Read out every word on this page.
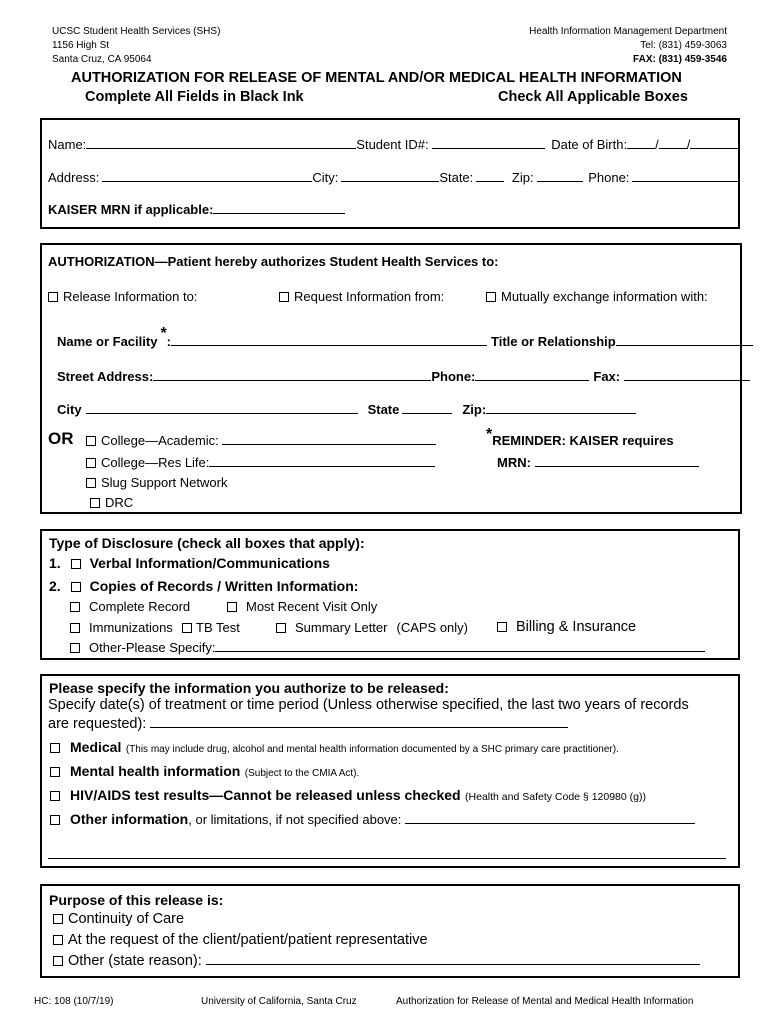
UCSC Student Health Services (SHS)
1156 High St
Santa Cruz, CA 95064
Health Information Management Department
Tel: (831) 459-3063
FAX: (831) 459-3546
AUTHORIZATION FOR RELEASE OF MENTAL AND/OR MEDICAL HEALTH INFORMATION
Complete All Fields in Black Ink	Check All Applicable Boxes
Name:	Student ID#:	Date of Birth: / /
Address:	City:	State:	Zip:	Phone:
KAISER MRN if applicable:
AUTHORIZATION—Patient hereby authorizes Student Health Services to:
Release Information to:	Request Information from:	Mutually exchange information with:
Name or Facility *:	Title or Relationship
Street Address:	Phone:	Fax:
City	State	Zip:
OR	College—Academic:
College—Res Life:
Slug Support Network
DRC
*REMINDER: KAISER requires
MRN:
Type of Disclosure (check all boxes that apply):
1. Verbal Information/Communications
2. Copies of Records / Written Information:
Complete Record	Most Recent Visit Only
Immunizations	TB Test	Summary Letter (CAPS only)	Billing & Insurance
Other-Please Specify:
Please specify the information you authorize to be released:
Specify date(s) of treatment or time period (Unless otherwise specified, the last two years of records
are requested):
Medical (This may include drug, alcohol and mental health information documented by a SHC primary care practitioner).
Mental health information (Subject to the CMIA Act).
HIV/AIDS test results—Cannot be released unless checked (Health and Safety Code § 120980 (g))
Other information, or limitations, if not specified above:
Purpose of this release is:
Continuity of Care
At the request of the client/patient/patient representative
Other (state reason):
HC: 108 (10/7/19)	University of California, Santa Cruz	Authorization for Release of Mental and Medical Health Information
